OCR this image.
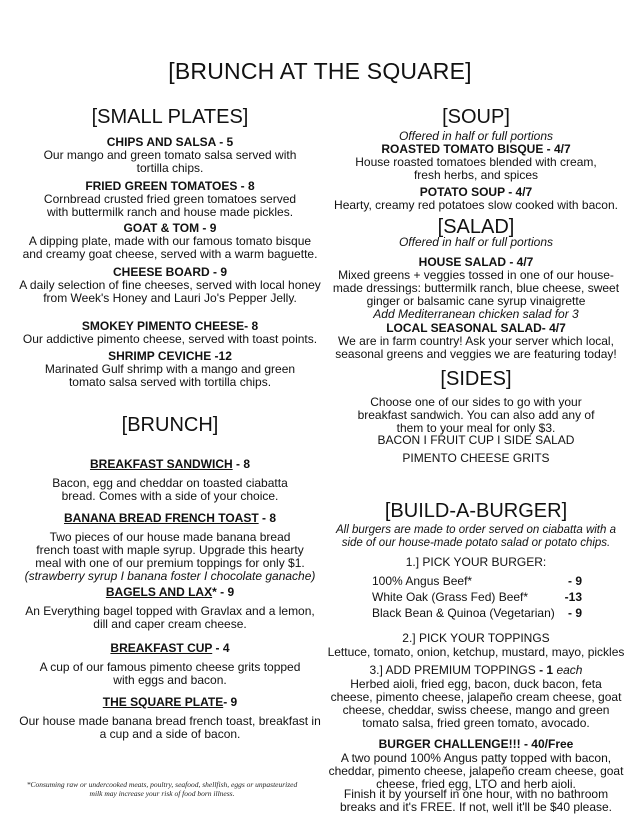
[BRUNCH AT THE SQUARE]
[SMALL PLATES]
CHIPS AND SALSA - 5
Our mango and green tomato salsa served with tortilla chips.
FRIED GREEN TOMATOES - 8
Cornbread crusted fried green tomatoes served with buttermilk ranch and house made pickles.
GOAT & TOM - 9
A dipping plate, made with our famous tomato bisque and creamy goat cheese, served with a warm baguette.
CHEESE BOARD - 9
A daily selection of fine cheeses, served with local honey from Week's Honey and Lauri Jo's Pepper Jelly.
SMOKEY PIMENTO CHEESE- 8
Our addictive pimento cheese, served with toast points.
SHRIMP CEVICHE -12
Marinated Gulf shrimp with a mango and green tomato salsa served with tortilla chips.
[BRUNCH]
BREAKFAST SANDWICH - 8
Bacon, egg and cheddar on toasted ciabatta bread. Comes with a side of your choice.
BANANA BREAD FRENCH TOAST - 8
Two pieces of our house made banana bread french toast with maple syrup. Upgrade this hearty meal with one of our premium toppings for only $1.
(strawberry syrup I banana foster I chocolate ganache)
BAGELS AND LAX* - 9
An Everything bagel topped with Gravlax and a lemon, dill and caper cream cheese.
BREAKFAST CUP - 4
A cup of our famous pimento cheese grits topped with eggs and bacon.
THE SQUARE PLATE- 9
Our house made banana bread french toast, breakfast in a cup and a side of bacon.
*Consuming raw or undercooked meats, poultry, seafood, shellfish, eggs or unpasteurized milk may increase your risk of food born illness.
[SOUP]
Offered in half or full portions
ROASTED TOMATO BISQUE - 4/7
House roasted tomatoes blended with cream, fresh herbs, and spices
POTATO SOUP - 4/7
Hearty, creamy red potatoes slow cooked with bacon.
[SALAD]
Offered in half or full portions
HOUSE SALAD - 4/7
Mixed greens + veggies tossed in one of our house-made dressings: buttermilk ranch, blue cheese, sweet ginger or balsamic cane syrup vinaigrette
Add Mediterranean chicken salad for 3
LOCAL SEASONAL SALAD- 4/7
We are in farm country! Ask your server which local, seasonal greens and veggies we are featuring today!
[SIDES]
Choose one of our sides to go with your breakfast sandwich. You can also add any of them to your meal for only $3.
BACON I FRUIT CUP I SIDE SALAD
PIMENTO CHEESE GRITS
[BUILD-A-BURGER]
All burgers are made to order served on ciabatta with a side of our house-made potato salad or potato chips.
1.] PICK YOUR BURGER:
100% Angus Beef*	- 9
White Oak (Grass Fed) Beef*	-13
Black Bean & Quinoa (Vegetarian) - 9
2.] PICK YOUR TOPPINGS
Lettuce, tomato, onion, ketchup, mustard, mayo, pickles
3.] ADD PREMIUM TOPPINGS - 1 each
Herbed aioli, fried egg, bacon, duck bacon, feta cheese, pimento cheese, jalapeño cream cheese, goat cheese, cheddar, swiss cheese, mango and green tomato salsa, fried green tomato, avocado.
BURGER CHALLENGE!!! - 40/Free
A two pound 100% Angus patty topped with bacon, cheddar, pimento cheese, jalapeño cream cheese, goat cheese, fried egg, LTO and herb aioli.
Finish it by yourself in one hour, with no bathroom breaks and it's FREE. If not, well it'll be $40 please.
